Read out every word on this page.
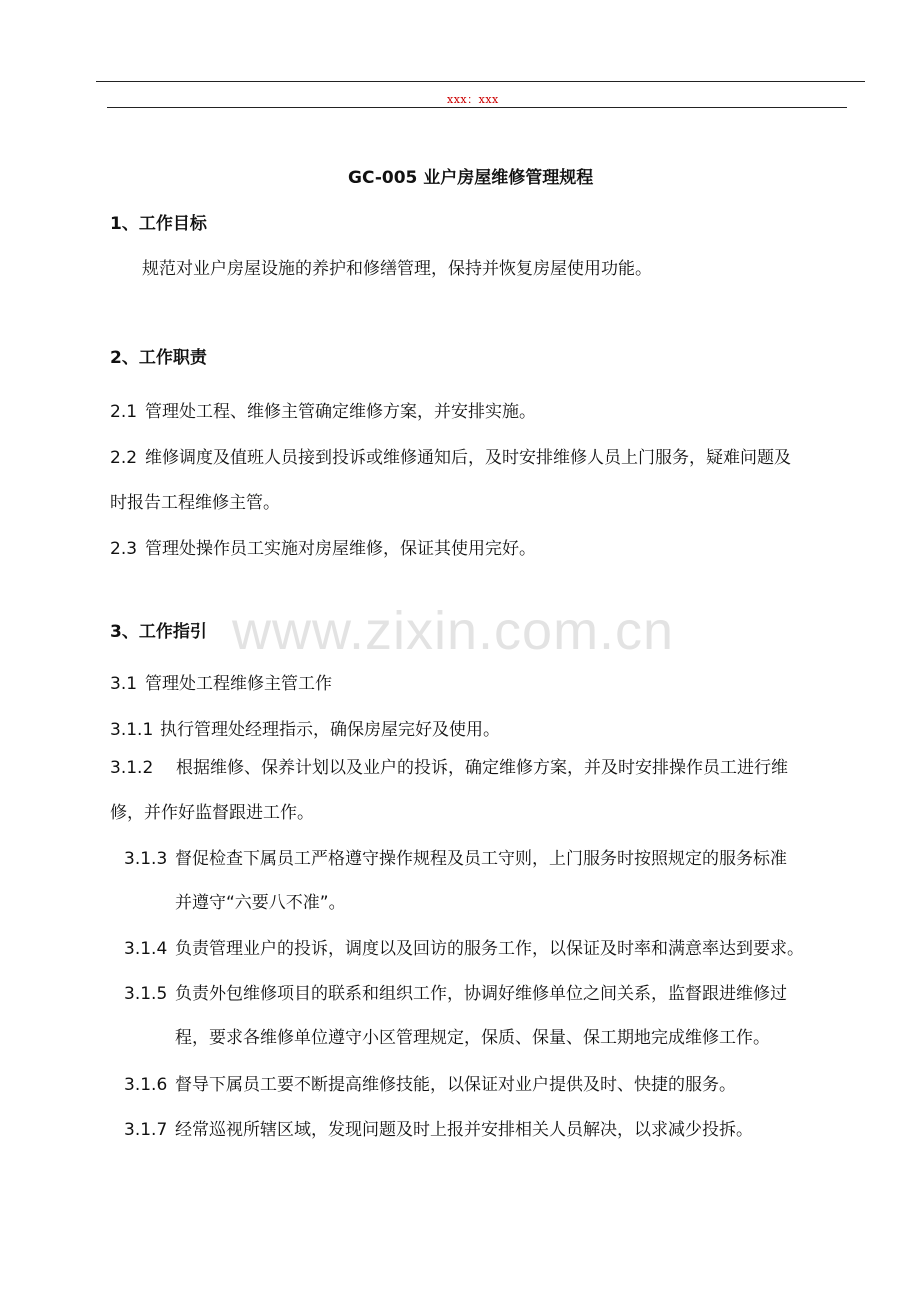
xxx：xxx
www.zixin.com.cn
GC-005 业户房屋维修管理规程
1、工作目标
规范对业户房屋设施的养护和修缮管理，保持并恢复房屋使用功能。
2、工作职责
2.1 管理处工程、维修主管确定维修方案，并安排实施。
2.2 维修调度及值班人员接到投诉或维修通知后，及时安排维修人员上门服务，疑难问题及
时报告工程维修主管。
2.3 管理处操作员工实施对房屋维修，保证其使用完好。
3、工作指引
3.1 管理处工程维修主管工作
3.1.1 执行管理处经理指示，确保房屋完好及使用。
3.1.2 根据维修、保养计划以及业户的投诉，确定维修方案，并及时安排操作员工进行维
修，并作好监督跟进工作。
3.1.3 督促检查下属员工严格遵守操作规程及员工守则，上门服务时按照规定的服务标准
并遵守“六要八不准”。
3.1.4 负责管理业户的投诉，调度以及回访的服务工作，以保证及时率和满意率达到要求。
3.1.5 负责外包维修项目的联系和组织工作，协调好维修单位之间关系，监督跟进维修过
程，要求各维修单位遵守小区管理规定，保质、保量、保工期地完成维修工作。
3.1.6 督导下属员工要不断提高维修技能，以保证对业户提供及时、快捷的服务。
3.1.7 经常巡视所辖区域，发现问题及时上报并安排相关人员解决，以求减少投拆。
